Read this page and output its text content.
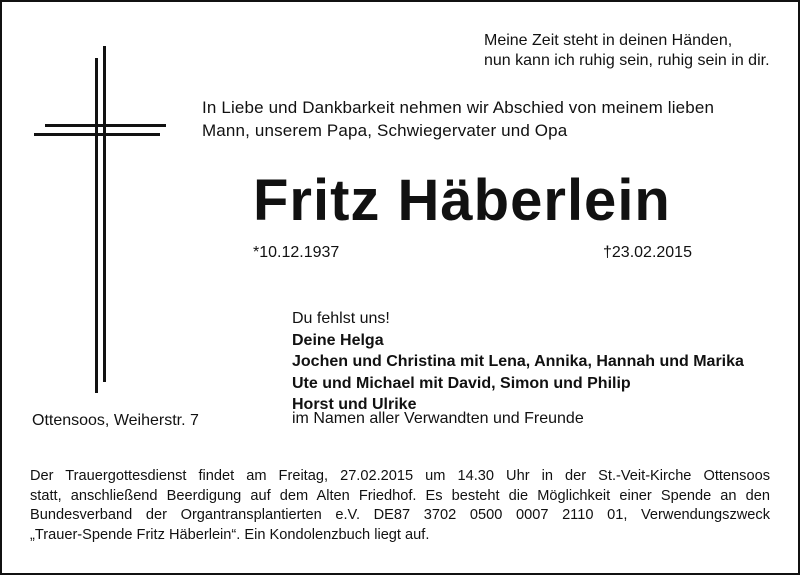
Meine Zeit steht in deinen Händen,
nun kann ich ruhig sein, ruhig sein in dir.
In Liebe und Dankbarkeit nehmen wir Abschied von meinem lieben
Mann, unserem Papa, Schwiegervater und Opa
Fritz Häberlein
*10.12.1937	†23.02.2015
Du fehlst uns!
Deine Helga
Jochen und Christina mit Lena, Annika, Hannah und Marika
Ute und Michael mit David, Simon und Philip
Horst und Ulrike
Ottensoos, Weiherstr. 7	im Namen aller Verwandten und Freunde
Der Trauergottesdienst findet am Freitag, 27.02.2015 um 14.30 Uhr in der St.-Veit-Kirche Ottensoos
statt, anschließend Beerdigung auf dem Alten Friedhof. Es besteht die Möglichkeit einer Spende an den
Bundesverband der Organtransplantierten e.V. DE87 3702 0500 0007 2110 01, Verwendungszweck
„Trauer-Spende Fritz Häberlein“. Ein Kondolenzbuch liegt auf.
